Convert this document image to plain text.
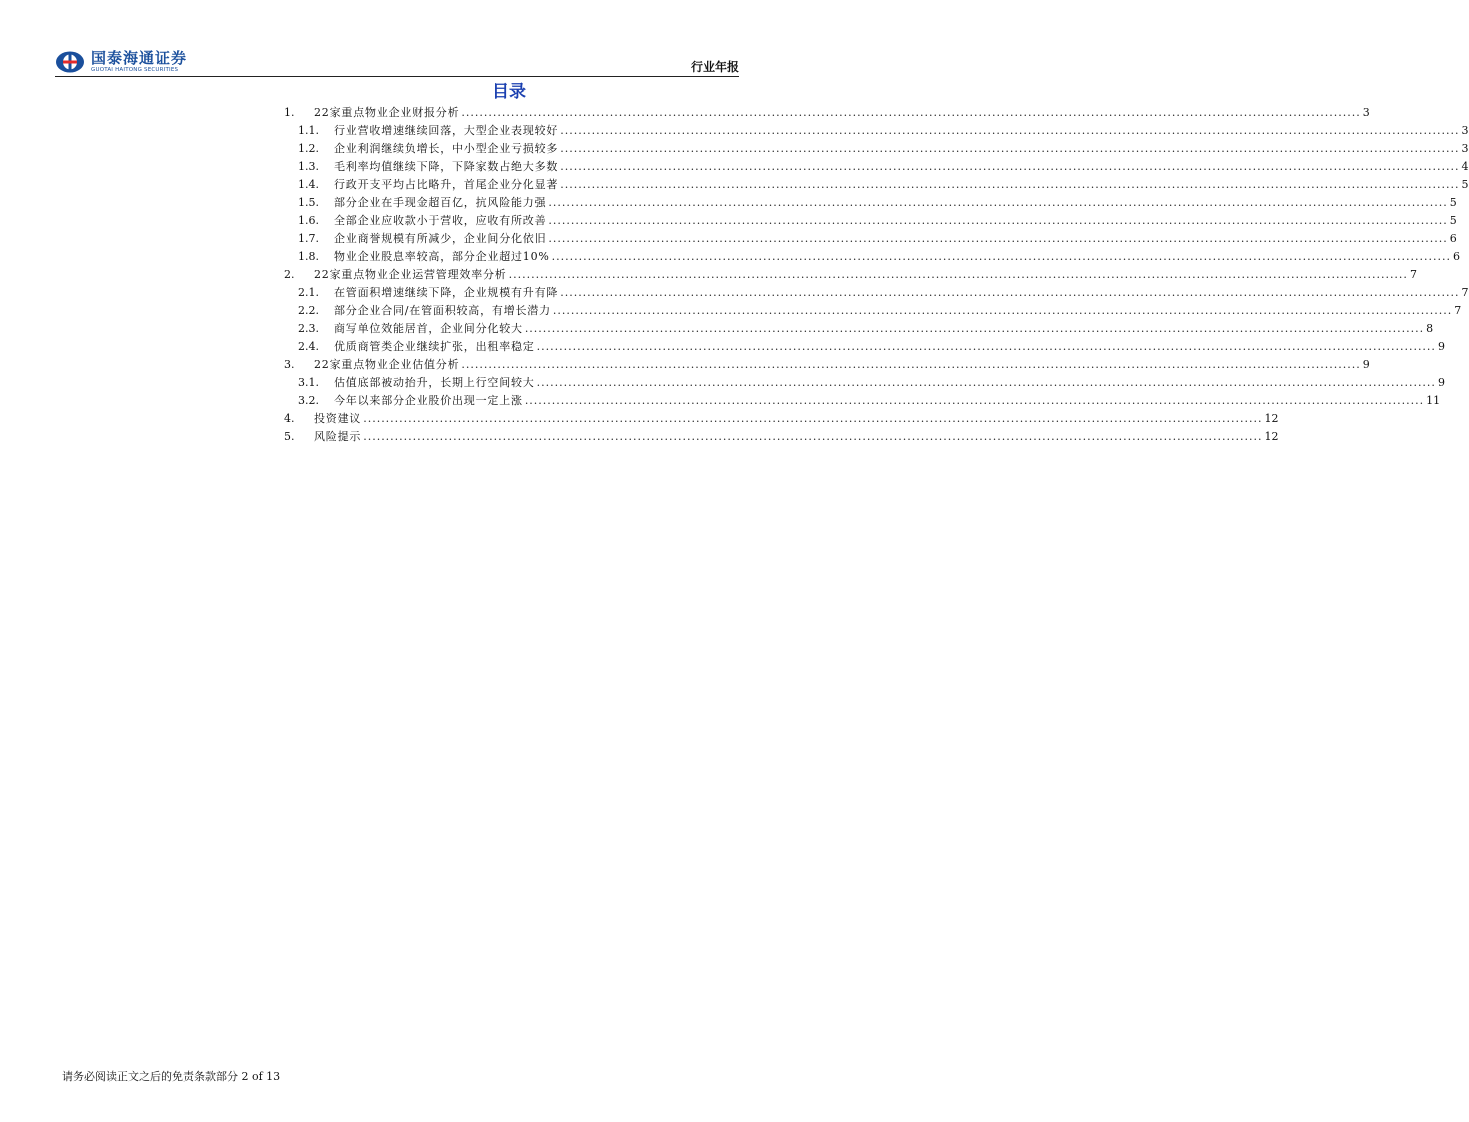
国泰海通证券
GUOTAI HAITONG SECURITIES	行业年报
目录
1.	22家重点物业企业财报分析 ........................................................................................................................................................................................................ 3
1.1.	行业营收增速继续回落，大型企业表现较好 ........................................................................................................................................................................................................ 3
1.2.	企业利润继续负增长，中小型企业亏损较多 ........................................................................................................................................................................................................ 3
1.3.	毛利率均值继续下降，下降家数占绝大多数 ........................................................................................................................................................................................................ 4
1.4.	行政开支平均占比略升，首尾企业分化显著 ........................................................................................................................................................................................................ 5
1.5.	部分企业在手现金超百亿，抗风险能力强 ........................................................................................................................................................................................................ 5
1.6.	全部企业应收款小于营收，应收有所改善 ........................................................................................................................................................................................................ 5
1.7.	企业商誉规模有所减少，企业间分化依旧 ........................................................................................................................................................................................................ 6
1.8.	物业企业股息率较高，部分企业超过10% ........................................................................................................................................................................................................ 6
2.	22家重点物业企业运营管理效率分析 ........................................................................................................................................................................................................ 7
2.1.	在管面积增速继续下降，企业规模有升有降 ........................................................................................................................................................................................................ 7
2.2.	部分企业合同/在管面积较高，有增长潜力 ........................................................................................................................................................................................................ 7
2.3.	商写单位效能居首，企业间分化较大 ........................................................................................................................................................................................................ 8
2.4.	优质商管类企业继续扩张，出租率稳定 ........................................................................................................................................................................................................ 9
3.	22家重点物业企业估值分析 ........................................................................................................................................................................................................ 9
3.1.	估值底部被动抬升，长期上行空间较大 ........................................................................................................................................................................................................ 9
3.2.	今年以来部分企业股价出现一定上涨 ........................................................................................................................................................................................................ 11
4.	投资建议 ........................................................................................................................................................................................................ 12
5.	风险提示 ........................................................................................................................................................................................................ 12
请务必阅读正文之后的免责条款部分 2 of 13
